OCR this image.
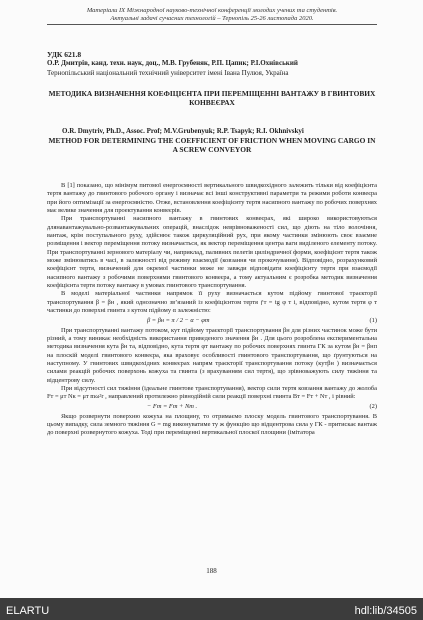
Матеріали ІХ Міжнародної науково-технічної конференції молодих учених та студентів.
Актуальні задачі сучасних технологій – Тернопіль 25-26 листопада 2020.
УДК 621.8
О.Р. Дмитрів, канд. техн. наук, доц., М.В. Грубеняк, Р.П. Цапик; Р.І.Охнівський
Тернопільський національний технічний університет імені Івана Пулюя, Україна
МЕТОДИКА ВИЗНАЧЕННЯ КОЕФІЦІЄНТА ПРИ ПЕРЕМІЩЕННІ ВАНТАЖУ В ГВИНТОВИХ КОНВЕЄРАХ
O.R. Dmytriv, Ph.D., Assoc. Prof; M.V.Grubenyuk; R.P. Tsapyk; R.I. Okhnivskyi
METHOD FOR DETERMINING THE COEFFICIENT OF FRICTION WHEN MOVING CARGO IN A SCREW CONVEYOR

В [1] показано, що мінімум питомої енергоємності вертикального швидкохідного залежить тільки від коефіцієнта тертя вантажу до гвинтового робочого органу і визначає всі інші конструктивні параметри та режими роботи конвеєра при його оптимізації за енергоємністю. Отже, встановлення коефіцієнту тертя насипного вантажу по робочих поверхнях має велике значення для проектування конвеєрів.

При транспортуванні насипного вантажу в гвинтових конвеєрах, які широко використовуються длянавантажувально-розвантажувальних операцій, внаслідок неврівноваженості сил, що діють на тіло волочіння, вантаж, крім поступального руху, здійснює також циркуляційний рух, при якому частинки змінюють своє взаємне розміщення і вектор переміщення потоку визначається, як вектор переміщення центра ваги виділеного елементу потоку. При транспортуванні зернового матеріалу чи, наприклад, паливних пелетів циліндричної форми, коефіцієнт тертя також може змінюватись в часі, в залежності від режиму взаємодії (ковзання чи прокочування). Відповідно, розрахунковий коефіцієнт тертя, визначений для окремої частинки може не завжди відповідати коефіцієнту тертя при взаємодії насипного вантажу з робочими поверхнями гвинтового конвеєра, а тому актуальним є розробка методик визначення коефіцієнта тертя потоку вантажу в умовах гвинтового транспортування.

В моделі матеріальної частинки напрямок її руху визначається кутом підйому гвинтової траєкторії транспортування β = βн , який однозначно зв’язаний із коефіцієнтом тертя ƒт = tg φ т і, відповідно, кутом тертя φ т частинки до поверхні гвинта з кутом підйому α залежністю:

β = βн = π / 2 − α − φт	(1)

При транспортуванні вантажу потоком, кут підйому траєкторії транспортування βн для різних частинок може бути різний, а тому виникає необхідність використання приведеного значення βн . Для цього розроблена експериментальна методика визначення кута βн та, відповідно, кута тертя φт вантажу по робочих поверхнях гвинта ГК за кутом βн = βнп на плоскій моделі гвинтового конвеєра, яка враховує особливості гвинтового транспортування, що ґрунтуються на наступному. У гвинтових швидкохідних конвеєрах напрям траєкторії транспортування потоку (кутβн ) визначається силами реакцій робочих поверхонь кожуха та гвинта (з врахуванням сил тертя), що зрівноважують силу тяжіння та відцентрову силу.

При відсутності сил тяжіння (ідеальне гвинтове транспортування), вектор сили тертя ковзання вантажу до жолоба Fт = μт Nк = μт mω²r , направлений протилежно рівнодійній сили реакції поверхні гвинта Bт = Fт + Nт , і рівний:

− Fт = Fт + Nт .	(2)

Якщо розвернути поверхню кожуха на площину, то отримаємо плоску модель гвинтового транспортування. В цьому випадку, сила земного тяжіння G = mg виконуватиме ту ж функцію що відцентрова сила у ГК - притискає вантаж до поверхні розвернутого кожуха. Тоді при переміщенні вертикальної плоскої площини (імітатора

188
ELARTU	hdl:lib/34505
